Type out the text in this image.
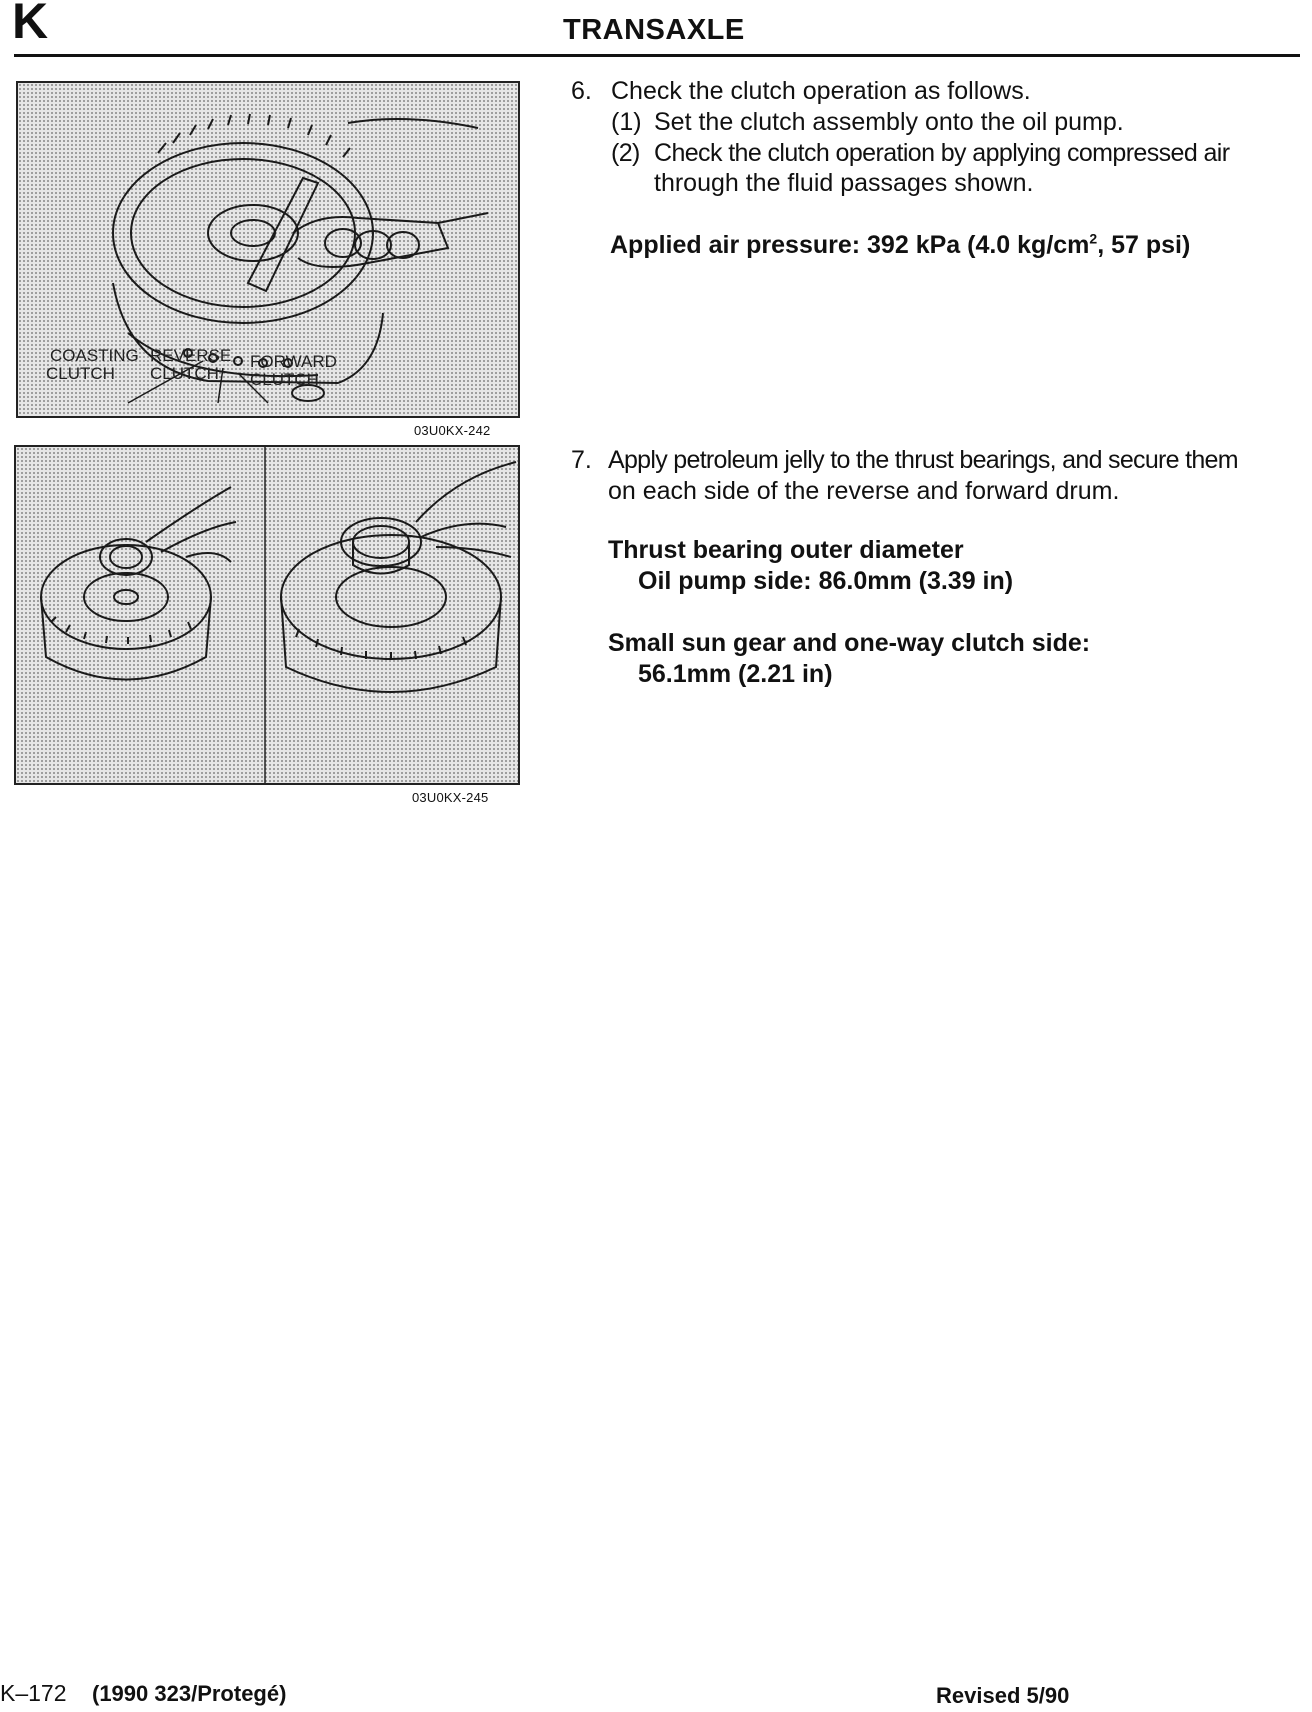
K	TRANSAXLE
COASTING
CLUTCH
REVERSE
CLUTCH
FORWARD
CLUTCH
03U0KX-242
03U0KX-245
6. Check the clutch operation as follows.
(1) Set the clutch assembly onto the oil pump.
(2) Check the clutch operation by applying compressed air
through the fluid passages shown.
Applied air pressure: 392 kPa (4.0 $kg/cm^2$, 57 psi)
7. Apply petroleum jelly to the thrust bearings, and secure them
on each side of the reverse and forward drum.
Thrust bearing outer diameter
Oil pump side: 86.0mm (3.39 in)
Small sun gear and one-way clutch side:
56.1mm (2.21 in)
K–172 (1990 323/Protegé)	Revised 5/90
